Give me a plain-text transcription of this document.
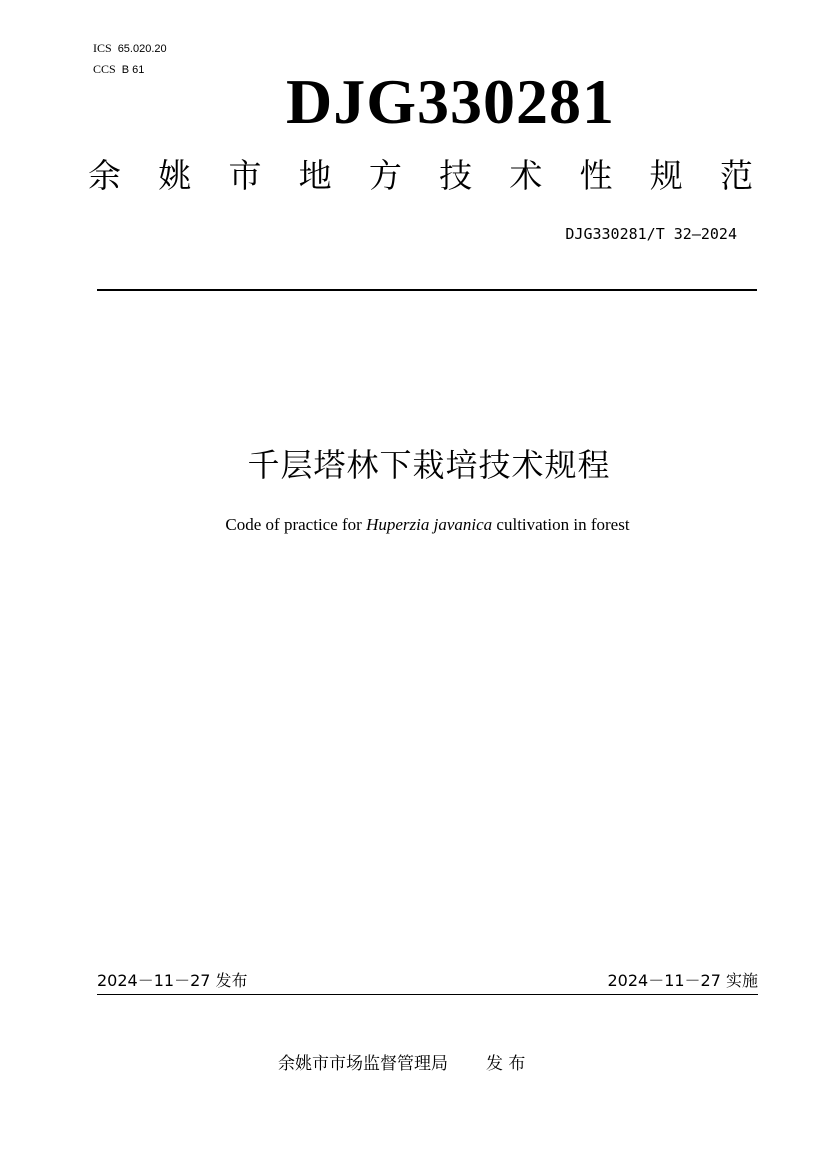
ICS 65.020.20
CCS B 61 DJG330281
余 姚 市 地 方 技 术 性 规 范
DJG330281/T 32—2024
千层塔林下栽培技术规程
Code of practice for Huperzia javanica cultivation in forest
2024－11－27 发布	2024－11－27 实施
余姚市市场监督管理局 发 布
